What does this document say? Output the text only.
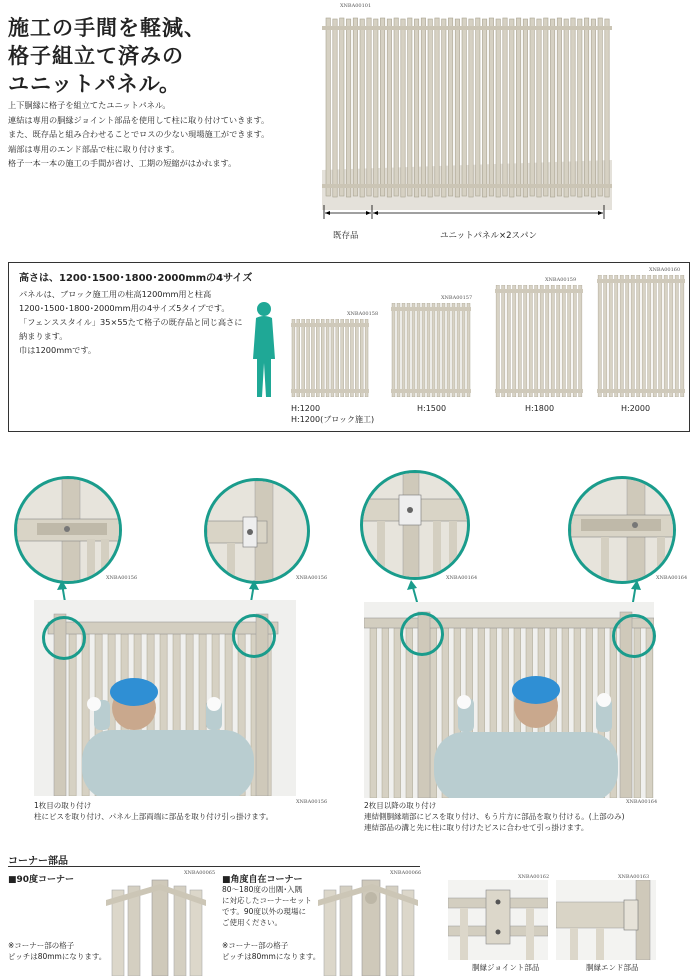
施工の手間を軽減、
格子組立て済みの
ユニットパネル。
上下胴縁に格子を組立てたユニットパネル。
連結は専用の胴縁ジョイント部品を使用して柱に取り付けていきます。
また、既存品と組み合わせることでロスの少ない現場施工ができます。
端部は専用のエンド部品で柱に取り付けます。
格子一本一本の施工の手間が省け、工期の短縮がはかれます。
XNBA00101
既存品	ユニットパネル×2スパン
高さは、1200･1500･1800･2000mmの4サイズ
パネルは、ブロック施工用の柱高1200mm用と柱高
1200･1500･1800･2000mm用の4サイズ5タイプです。
「フェンススタイル」35×55たて格子の既存品と同じ高さに
納まります。
巾は1200mmです。
XNBA00158
H:1200
H:1200(ブロック施工)
XNBA00157
H:1500
XNBA00159
H:1800
XNBA00160
H:2000
XNBA00156	XNBA00156
XNBA00156
1枚目の取り付け
柱にビスを取り付け、パネル上部両端に部品を取り付け引っ掛けます。
XNBA00164	XNBA00164
XNBA00164
2枚目以降の取り付け
連結側胴縁端部にビスを取り付け、もう片方に部品を取り付ける。(上部のみ)
連結部品の溝と先に柱に取り付けたビスに合わせて引っ掛けます。
コーナー部品
■90度コーナー
※コーナー部の格子
ピッチは80mmになります。
XNBA00065
■角度自在コーナー
80～180度の出隅･入隅
に対応したコーナーセット
です。90度以外の現場に
ご使用ください。
※コーナー部の格子
ピッチは80mmになります。
XNBA00066
XNBA00162
胴縁ジョイント部品
XNBA00163
胴縁エンド部品
